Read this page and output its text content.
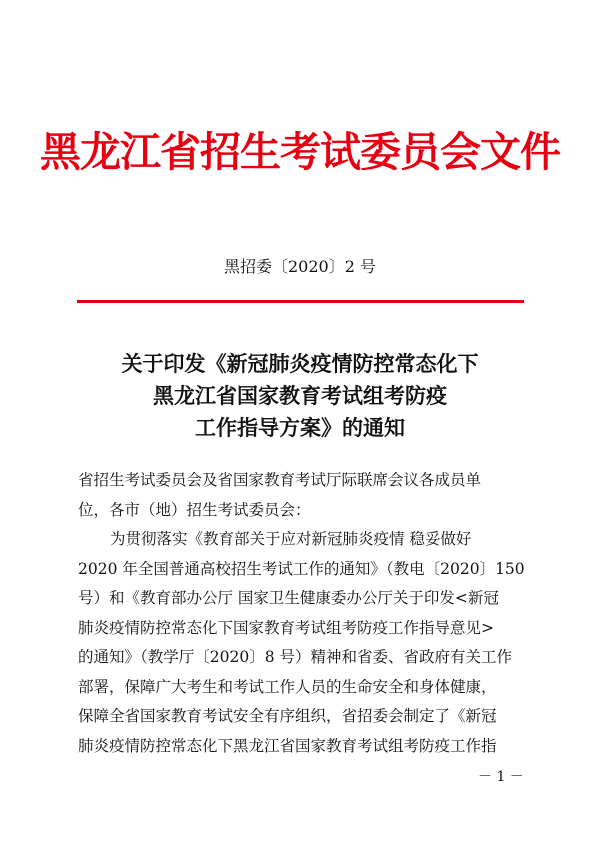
黑龙江省招生考试委员会文件
黑招委〔2020〕2 号
关于印发《新冠肺炎疫情防控常态化下
黑龙江省国家教育考试组考防疫
工作指导方案》的通知
省招生考试委员会及省国家教育考试厅际联席会议各成员单
位，各市（地）招生考试委员会：
为贯彻落实《教育部关于应对新冠肺炎疫情 稳妥做好
2020 年全国普通高校招生考试工作的通知》（教电〔2020〕150
号）和《教育部办公厅 国家卫生健康委办公厅关于印发<新冠
肺炎疫情防控常态化下国家教育考试组考防疫工作指导意见>
的通知》（教学厅〔2020〕8 号）精神和省委、省政府有关工作
部署，保障广大考生和考试工作人员的生命安全和身体健康，
保障全省国家教育考试安全有序组织，省招委会制定了《新冠
肺炎疫情防控常态化下黑龙江省国家教育考试组考防疫工作指
－ 1 －
